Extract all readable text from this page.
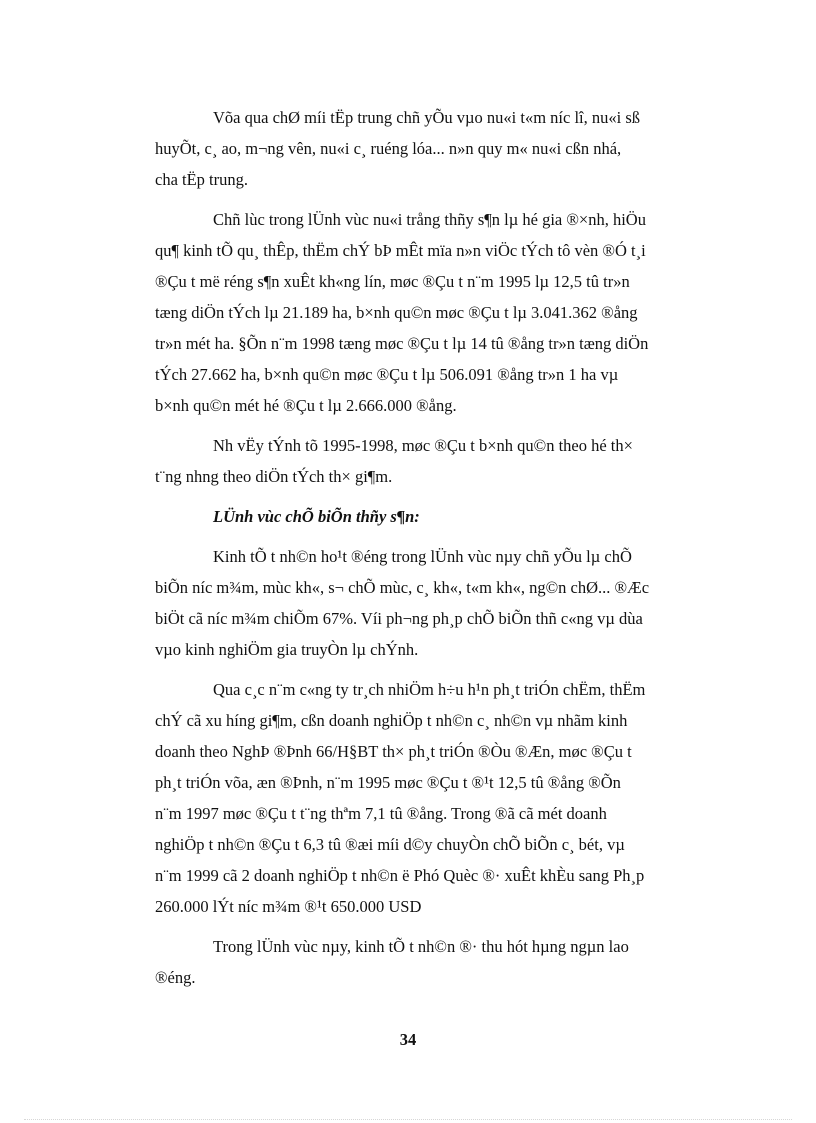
Võa qua chØ míi tËp trung chñ yÕu vµo nu«i t«m níc lî, nu«i sß
huyÕt, c¸ ao, m¬ng vên, nu«i c¸ ruéng lóa... n»n quy m« nu«i cßn nhá,
cha tËp trung.

Chñ lùc trong lÜnh vùc nu«i trång thñy s¶n lµ hé gia ®×nh, hiÖu
qu¶ kinh tÕ qu¸ thÊp, thËm chÝ bÞ mÊt mïa n»n viÖc tÝch tô vèn ®Ó t¸i
®Çu t më réng s¶n xuÊt kh«ng lín, møc ®Çu t n¨m 1995 lµ 12,5 tû tr»n
tæng diÖn tÝch lµ 21.189 ha, b×nh qu©n møc ®Çu t lµ 3.041.362 ®ång
tr»n mét ha. §Õn n¨m 1998 tæng møc ®Çu t lµ 14 tû ®ång tr»n tæng diÖn
tÝch 27.662 ha, b×nh qu©n møc ®Çu t lµ 506.091 ®ång tr»n 1 ha vµ
b×nh qu©n mét hé ®Çu t lµ 2.666.000 ®ång.

Nh vËy tÝnh tõ 1995-1998, møc ®Çu t b×nh qu©n theo hé th×
t¨ng nhng theo diÖn tÝch th× gi¶m.

LÜnh vùc chÕ biÕn thñy s¶n:

Kinh tÕ t nh©n ho¹t ®éng trong lÜnh vùc nµy chñ yÕu lµ chÕ
biÕn níc m¾m, mùc kh«, s¬ chÕ mùc, c¸ kh«, t«m kh«, ng©n chØ... ®Æc
biÖt cã níc m¾m chiÕm 67%. Víi ph¬ng ph¸p chÕ biÕn thñ c«ng vµ dùa
vµo kinh nghiÖm gia truyÒn lµ chÝnh.

Qua c¸c n¨m c«ng ty tr¸ch nhiÖm h÷u h¹n ph¸t triÓn chËm, thËm
chÝ cã xu híng gi¶m, cßn doanh nghiÖp t nh©n c¸ nh©n vµ nhãm kinh
doanh theo NghÞ ®Þnh 66/H§BT th× ph¸t triÓn ®Òu ®Æn, møc ®Çu t
ph¸t triÓn võa, æn ®Þnh, n¨m 1995 møc ®Çu t ®¹t 12,5 tû ®ång ®Õn
n¨m 1997 møc ®Çu t t¨ng thªm 7,1 tû ®ång. Trong ®ã cã mét doanh
nghiÖp t nh©n ®Çu t 6,3 tû ®æi míi d©y chuyÒn chÕ biÕn c¸ bét, vµ
n¨m 1999 cã 2 doanh nghiÖp t nh©n ë Phó Quèc ®· xuÊt khÈu sang Ph¸p
260.000 lÝt níc m¾m ®¹t 650.000 USD

Trong lÜnh vùc nµy, kinh tÕ t nh©n ®· thu hót hµng ngµn lao
®éng.

34
